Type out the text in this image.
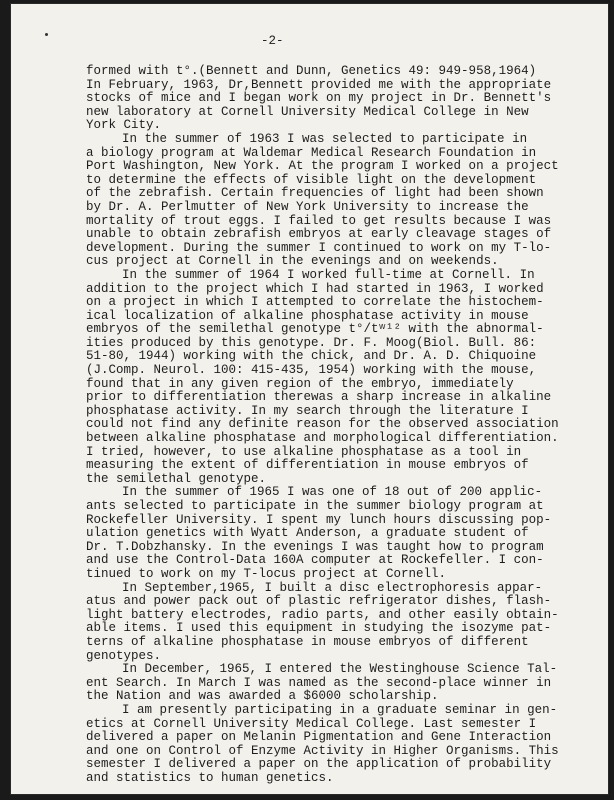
-2-
formed with t°.(Bennett and Dunn, Genetics 49: 949-958,1964)
In February, 1963, Dr,Bennett provided me with the appropriate
stocks of mice and I began work on my project in Dr. Bennett's
new laboratory at Cornell University Medical College in New
York City.
In the summer of 1963 I was selected to participate in
a biology program at Waldemar Medical Research Foundation in
Port Washington, New York. At the program I worked on a project
to determine the effects of visible light on the development
of the zebrafish. Certain frequencies of light had been shown
by Dr. A. Perlmutter of New York University to increase the
mortality of trout eggs. I failed to get results because I was
unable to obtain zebrafish embryos at early cleavage stages of
development. During the summer I continued to work on my T-lo-
cus project at Cornell in the evenings and on weekends.
In the summer of 1964 I worked full-time at Cornell. In
addition to the project which I had started in 1963, I worked
on a project in which I attempted to correlate the histochem-
ical localization of alkaline phosphatase activity in mouse
embryos of the semilethal genotype t°/tʷ¹² with the abnormal-
ities produced by this genotype. Dr. F. Moog(Biol. Bull. 86:
51-80, 1944) working with the chick, and Dr. A. D. Chiquoine
(J.Comp. Neurol. 100: 415-435, 1954) working with the mouse,
found that in any given region of the embryo, immediately
prior to differentiation therewas a sharp increase in alkaline
phosphatase activity. In my search through the literature I
could not find any definite reason for the observed association
between alkaline phosphatase and morphological differentiation.
I tried, however, to use alkaline phosphatase as a tool in
measuring the extent of differentiation in mouse embryos of
the semilethal genotype.
In the summer of 1965 I was one of 18 out of 200 applic-
ants selected to participate in the summer biology program at
Rockefeller University. I spent my lunch hours discussing pop-
ulation genetics with Wyatt Anderson, a graduate student of
Dr. T.Dobzhansky. In the evenings I was taught how to program
and use the Control-Data 160A computer at Rockefeller. I con-
tinued to work on my T-locus project at Cornell.
In September,1965, I built a disc electrophoresis appar-
atus and power pack out of plastic refrigerator dishes, flash-
light battery electrodes, radio parts, and other easily obtain-
able items. I used this equipment in studying the isozyme pat-
terns of alkaline phosphatase in mouse embryos of different
genotypes.
In December, 1965, I entered the Westinghouse Science Tal-
ent Search. In March I was named as the second-place winner in
the Nation and was awarded a $6000 scholarship.
I am presently participating in a graduate seminar in gen-
etics at Cornell University Medical College. Last semester I
delivered a paper on Melanin Pigmentation and Gene Interaction
and one on Control of Enzyme Activity in Higher Organisms. This
semester I delivered a paper on the application of probability
and statistics to human genetics.
